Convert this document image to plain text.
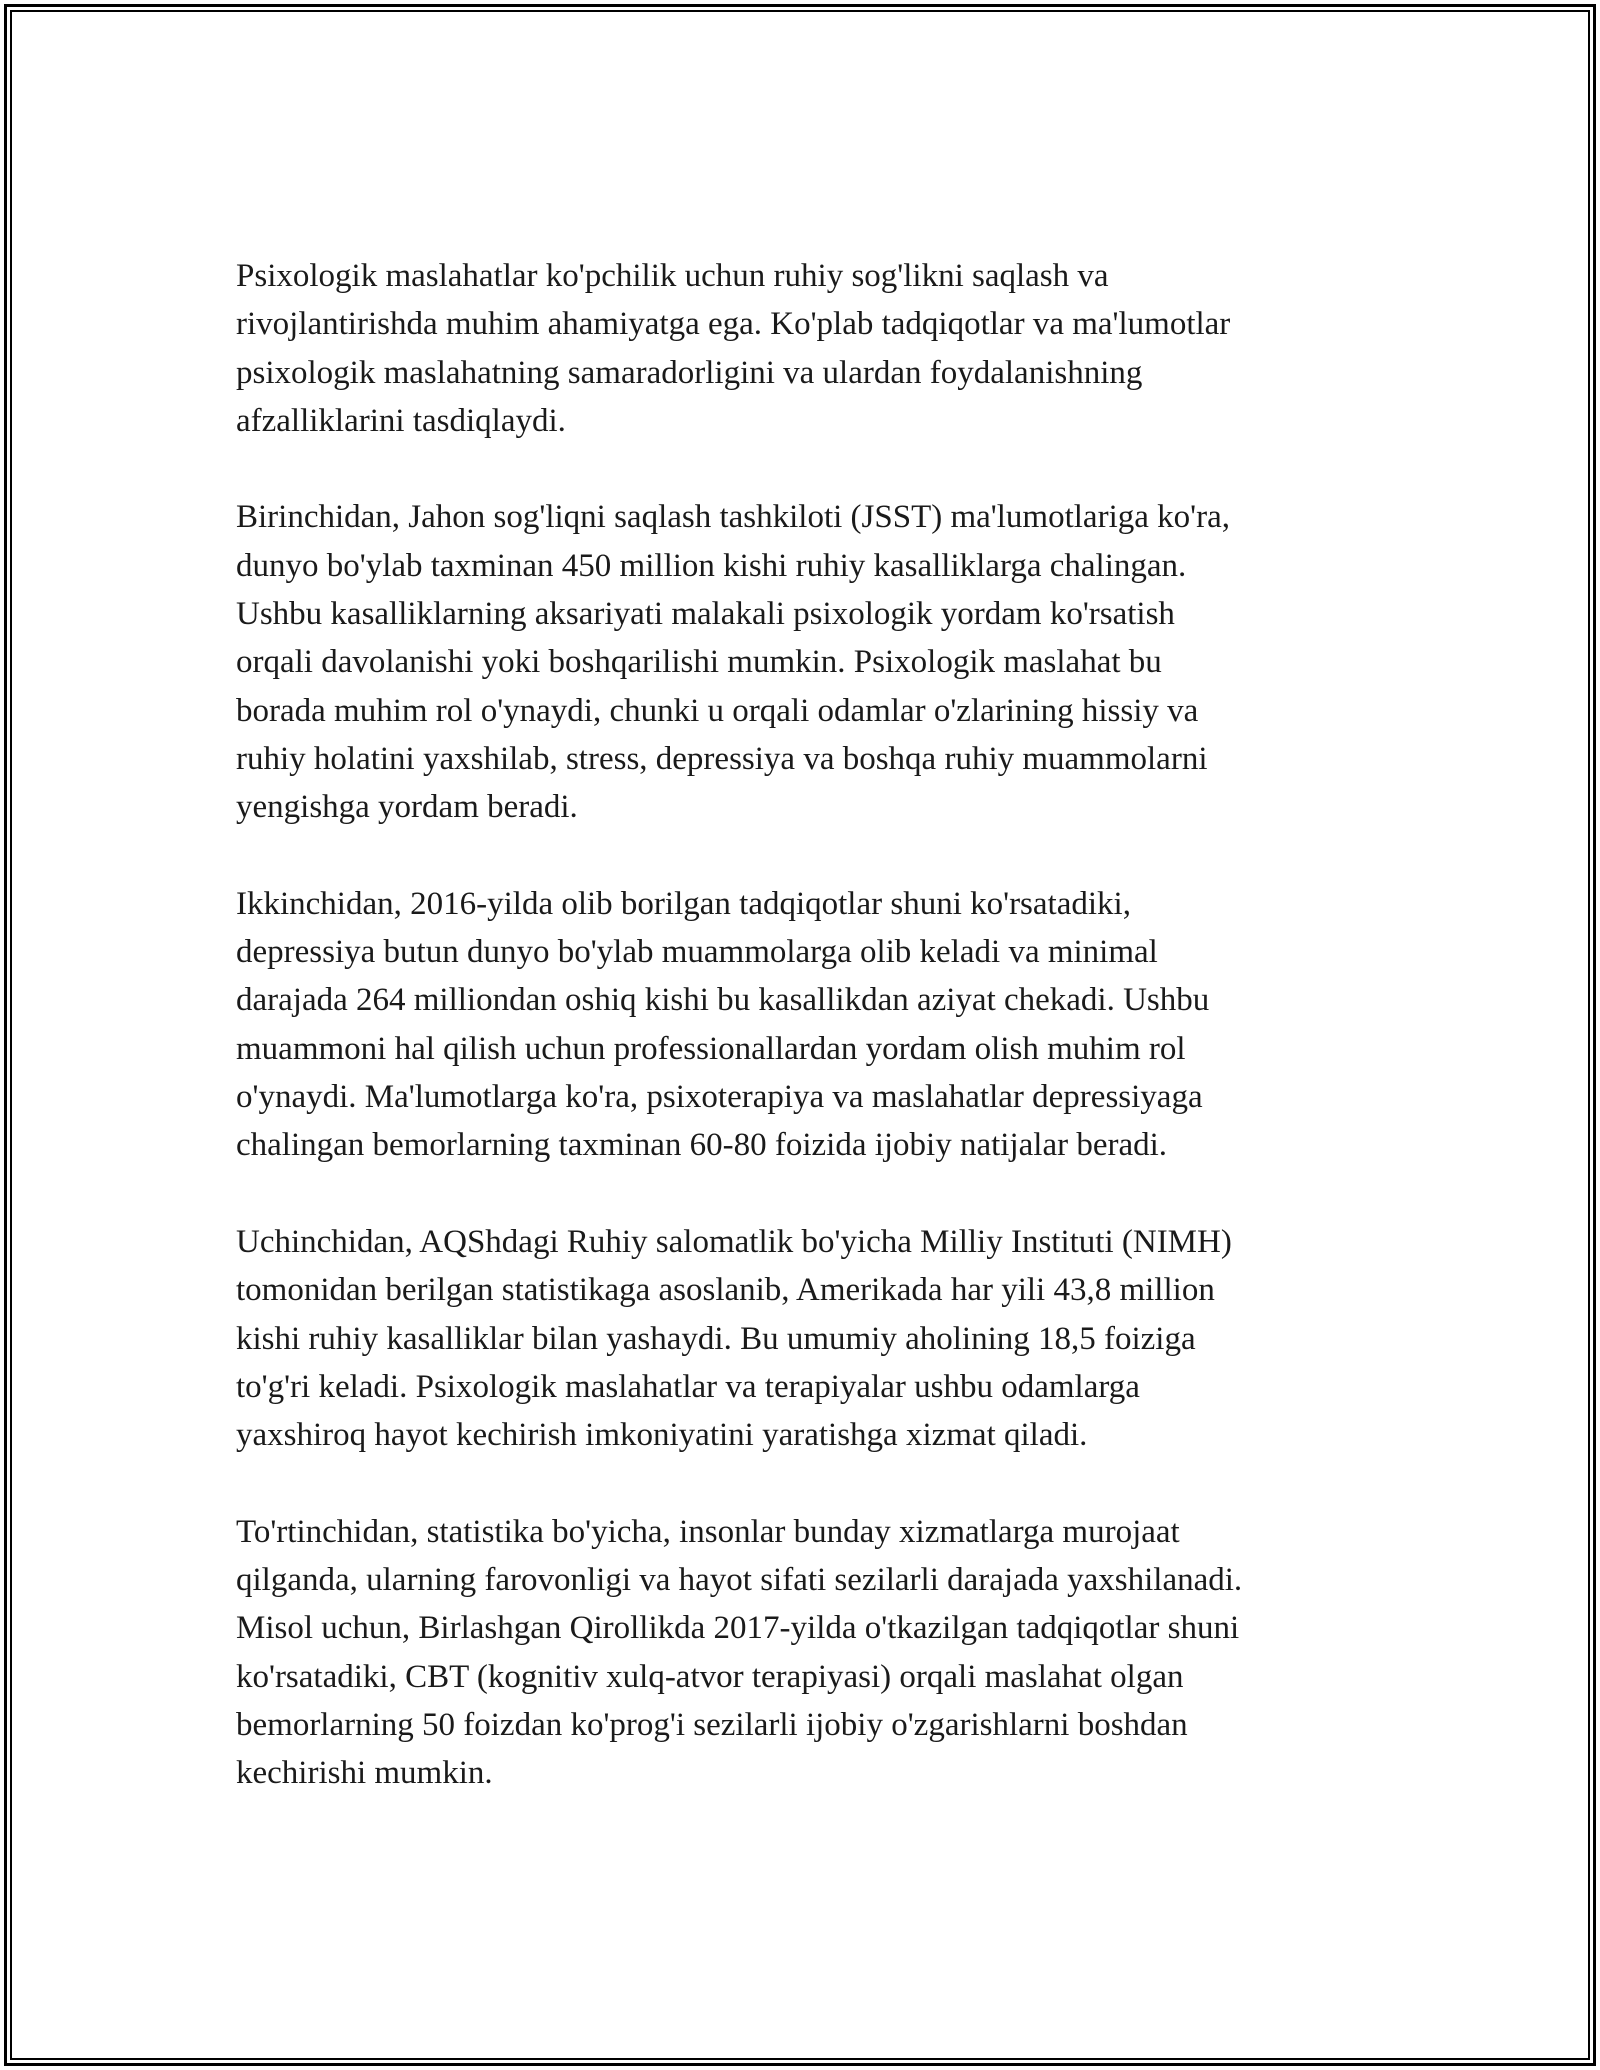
Psixologik maslahatlar ko'pchilik uchun ruhiy sog'likni saqlash va
rivojlantirishda muhim ahamiyatga ega. Ko'plab tadqiqotlar va ma'lumotlar
psixologik maslahatning samaradorligini va ulardan foydalanishning
afzalliklarini tasdiqlaydi.

Birinchidan, Jahon sog'liqni saqlash tashkiloti (JSST) ma'lumotlariga ko'ra,
dunyo bo'ylab taxminan 450 million kishi ruhiy kasalliklarga chalingan.
Ushbu kasalliklarning aksariyati malakali psixologik yordam ko'rsatish
orqali davolanishi yoki boshqarilishi mumkin. Psixologik maslahat bu
borada muhim rol o'ynaydi, chunki u orqali odamlar o'zlarining hissiy va
ruhiy holatini yaxshilab, stress, depressiya va boshqa ruhiy muammolarni
yengishga yordam beradi.

Ikkinchidan, 2016-yilda olib borilgan tadqiqotlar shuni ko'rsatadiki,
depressiya butun dunyo bo'ylab muammolarga olib keladi va minimal
darajada 264 milliondan oshiq kishi bu kasallikdan aziyat chekadi. Ushbu
muammoni hal qilish uchun professionallardan yordam olish muhim rol
o'ynaydi. Ma'lumotlarga ko'ra, psixoterapiya va maslahatlar depressiyaga
chalingan bemorlarning taxminan 60-80 foizida ijobiy natijalar beradi.

Uchinchidan, AQShdagi Ruhiy salomatlik bo'yicha Milliy Instituti (NIMH)
tomonidan berilgan statistikaga asoslanib, Amerikada har yili 43,8 million
kishi ruhiy kasalliklar bilan yashaydi. Bu umumiy aholining 18,5 foiziga
to'g'ri keladi. Psixologik maslahatlar va terapiyalar ushbu odamlarga
yaxshiroq hayot kechirish imkoniyatini yaratishga xizmat qiladi.

To'rtinchidan, statistika bo'yicha, insonlar bunday xizmatlarga murojaat
qilganda, ularning farovonligi va hayot sifati sezilarli darajada yaxshilanadi.
Misol uchun, Birlashgan Qirollikda 2017-yilda o'tkazilgan tadqiqotlar shuni
ko'rsatadiki, CBT (kognitiv xulq-atvor terapiyasi) orqali maslahat olgan
bemorlarning 50 foizdan ko'prog'i sezilarli ijobiy o'zgarishlarni boshdan
kechirishi mumkin.
